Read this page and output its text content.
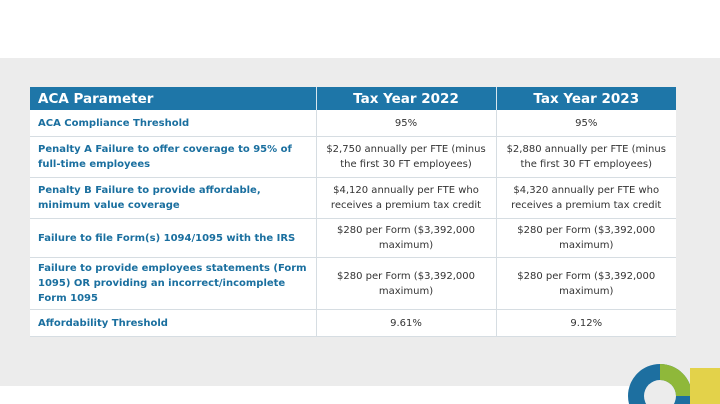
ACA Parameter	Tax Year 2022	Tax Year 2023
ACA Compliance Threshold	95%	95%
Penalty A Failure to offer coverage to 95% of full-time employees	$2,750 annually per FTE (minus the first 30 FT employees)	$2,880 annually per FTE (minus the first 30 FT employees)
Penalty B Failure to provide affordable, minimum value coverage	$4,120 annually per FTE who receives a premium tax credit	$4,320 annually per FTE who receives a premium tax credit
Failure to file Form(s) 1094/1095 with the IRS	$280 per Form ($3,392,000 maximum)	$280 per Form ($3,392,000 maximum)
Failure to provide employees statements (Form 1095) OR providing an incorrect/incomplete Form 1095	$280 per Form ($3,392,000 maximum)	$280 per Form ($3,392,000 maximum)
Affordability Threshold	9.61%	9.12%
